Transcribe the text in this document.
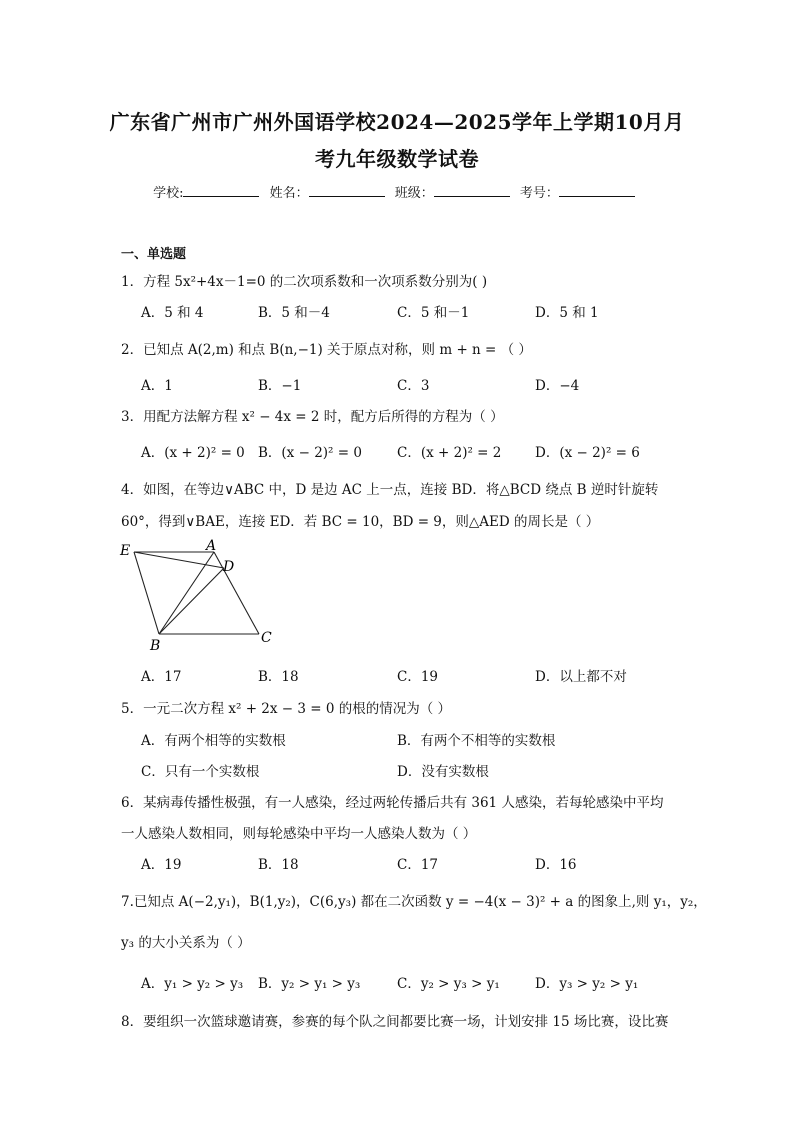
广东省广州市广州外国语学校2024—2025学年上学期10月月
考九年级数学试卷
学校:	姓名：	班级：	考号：
一、单选题
1．方程 5x²+4x－1=0 的二次项系数和一次项系数分别为( )
A．5 和 4	B．5 和－4	C．5 和－1	D．5 和 1
2．已知点 A(2,m) 和点 B(n,−1) 关于原点对称，则 m + n = （ ）
A．1	B．−1	C．3	D．−4
3．用配方法解方程 x² − 4x = 2 时，配方后所得的方程为（ ）
A．(x + 2)² = 0 B．(x − 2)² = 0	C．(x + 2)² = 2 D．(x − 2)² = 6
4．如图，在等边∨ABC 中，D 是边 AC 上一点，连接 BD．将△BCD 绕点 B 逆时针旋转
60°，得到∨BAE，连接 ED．若 BC = 10，BD = 9，则△AED 的周长是（ ）
E	A
D
B	C
A．17	B．18	C．19	D．以上都不对
5．一元二次方程 x² + 2x − 3 = 0 的根的情况为（ ）
A．有两个相等的实数根	B．有两个不相等的实数根
C．只有一个实数根	D．没有实数根
6．某病毒传播性极强，有一人感染，经过两轮传播后共有 361 人感染，若每轮感染中平均
一人感染人数相同，则每轮感染中平均一人感染人数为（ ）
A．19	B．18	C．17	D．16
7.已知点 A(−2,y₁)，B(1,y₂)，C(6,y₃) 都在二次函数 y = −4(x − 3)² + a 的图象上,则 y₁，y₂，
y₃ 的大小关系为（ ）
A．y₁ > y₂ > y₃ B．y₂ > y₁ > y₃	C．y₂ > y₃ > y₁	D．y₃ > y₂ > y₁
8．要组织一次篮球邀请赛，参赛的每个队之间都要比赛一场，计划安排 15 场比赛，设比赛
